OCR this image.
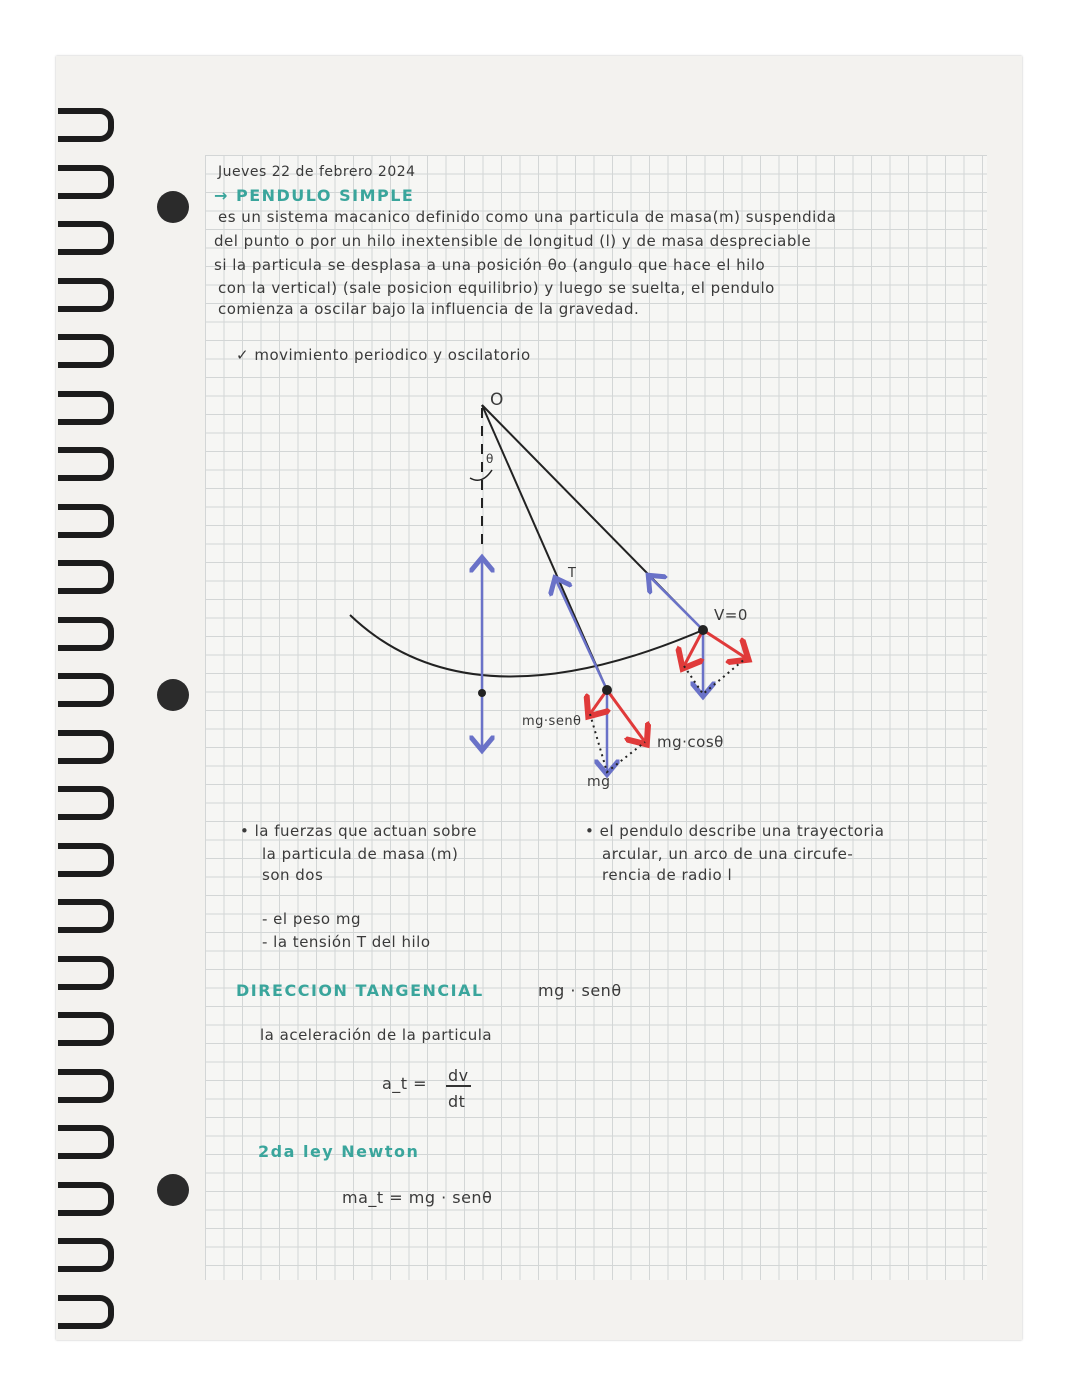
Jueves 22 de febrero 2024
→ PENDULO SIMPLE
es un sistema macanico definido como una particula de masa(m) suspendida
del punto o por un hilo inextensible de longitud (l) y de masa despreciable
si la particula se desplasa a una posición θo (angulo que hace el hilo
con la vertical) (sale posicion equilibrio) y luego se suelta, el pendulo
comienza a oscilar bajo la influencia de la gravedad.
✓ movimiento periodico y oscilatorio
O
θ
T
V=0
mg·senθ
mg·cosθ
mg
• la fuerzas que actuan sobre
la particula de masa (m)
son dos
• el pendulo describe una trayectoria
arcular, un arco de una circufe-
rencia de radio l
- el peso mg
- la tensión T del hilo
DIRECCION TANGENCIAL	mg · senθ
la aceleración de la particula
a_t = dv
dt
2da ley Newton
ma_t = mg · senθ
